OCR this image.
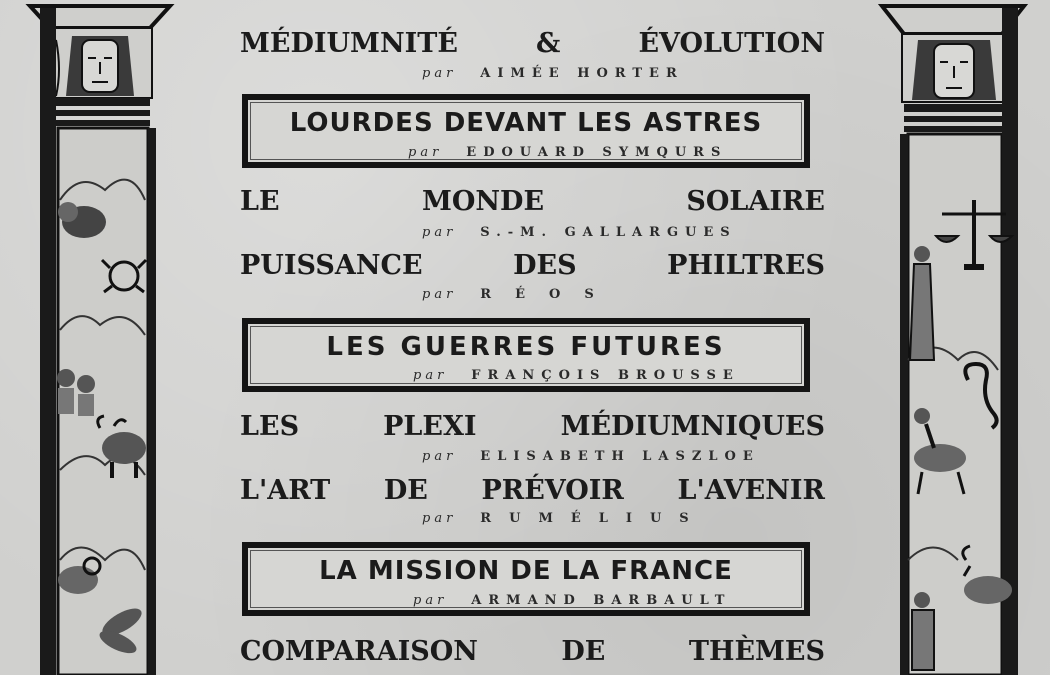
MÉDIUMNITÉ & ÉVOLUTION
par AIMÉE HORTER
LOURDES DEVANT LES ASTRES
par EDOUARD SYMQURS
LE MONDE SOLAIRE
par S.-M. GALLARGUES
PUISSANCE DES PHILTRES
par RÉOS
LES GUERRES FUTURES
par FRANÇOIS BROUSSE
LES PLEXI MÉDIUMNIQUES
par ELISABETH LASZLOE
L'ART DE PRÉVOIR L'AVENIR
par RUMÉLIUS
LA MISSION DE LA FRANCE
par ARMAND BARBAULT
COMPARAISON DE THÈMES
